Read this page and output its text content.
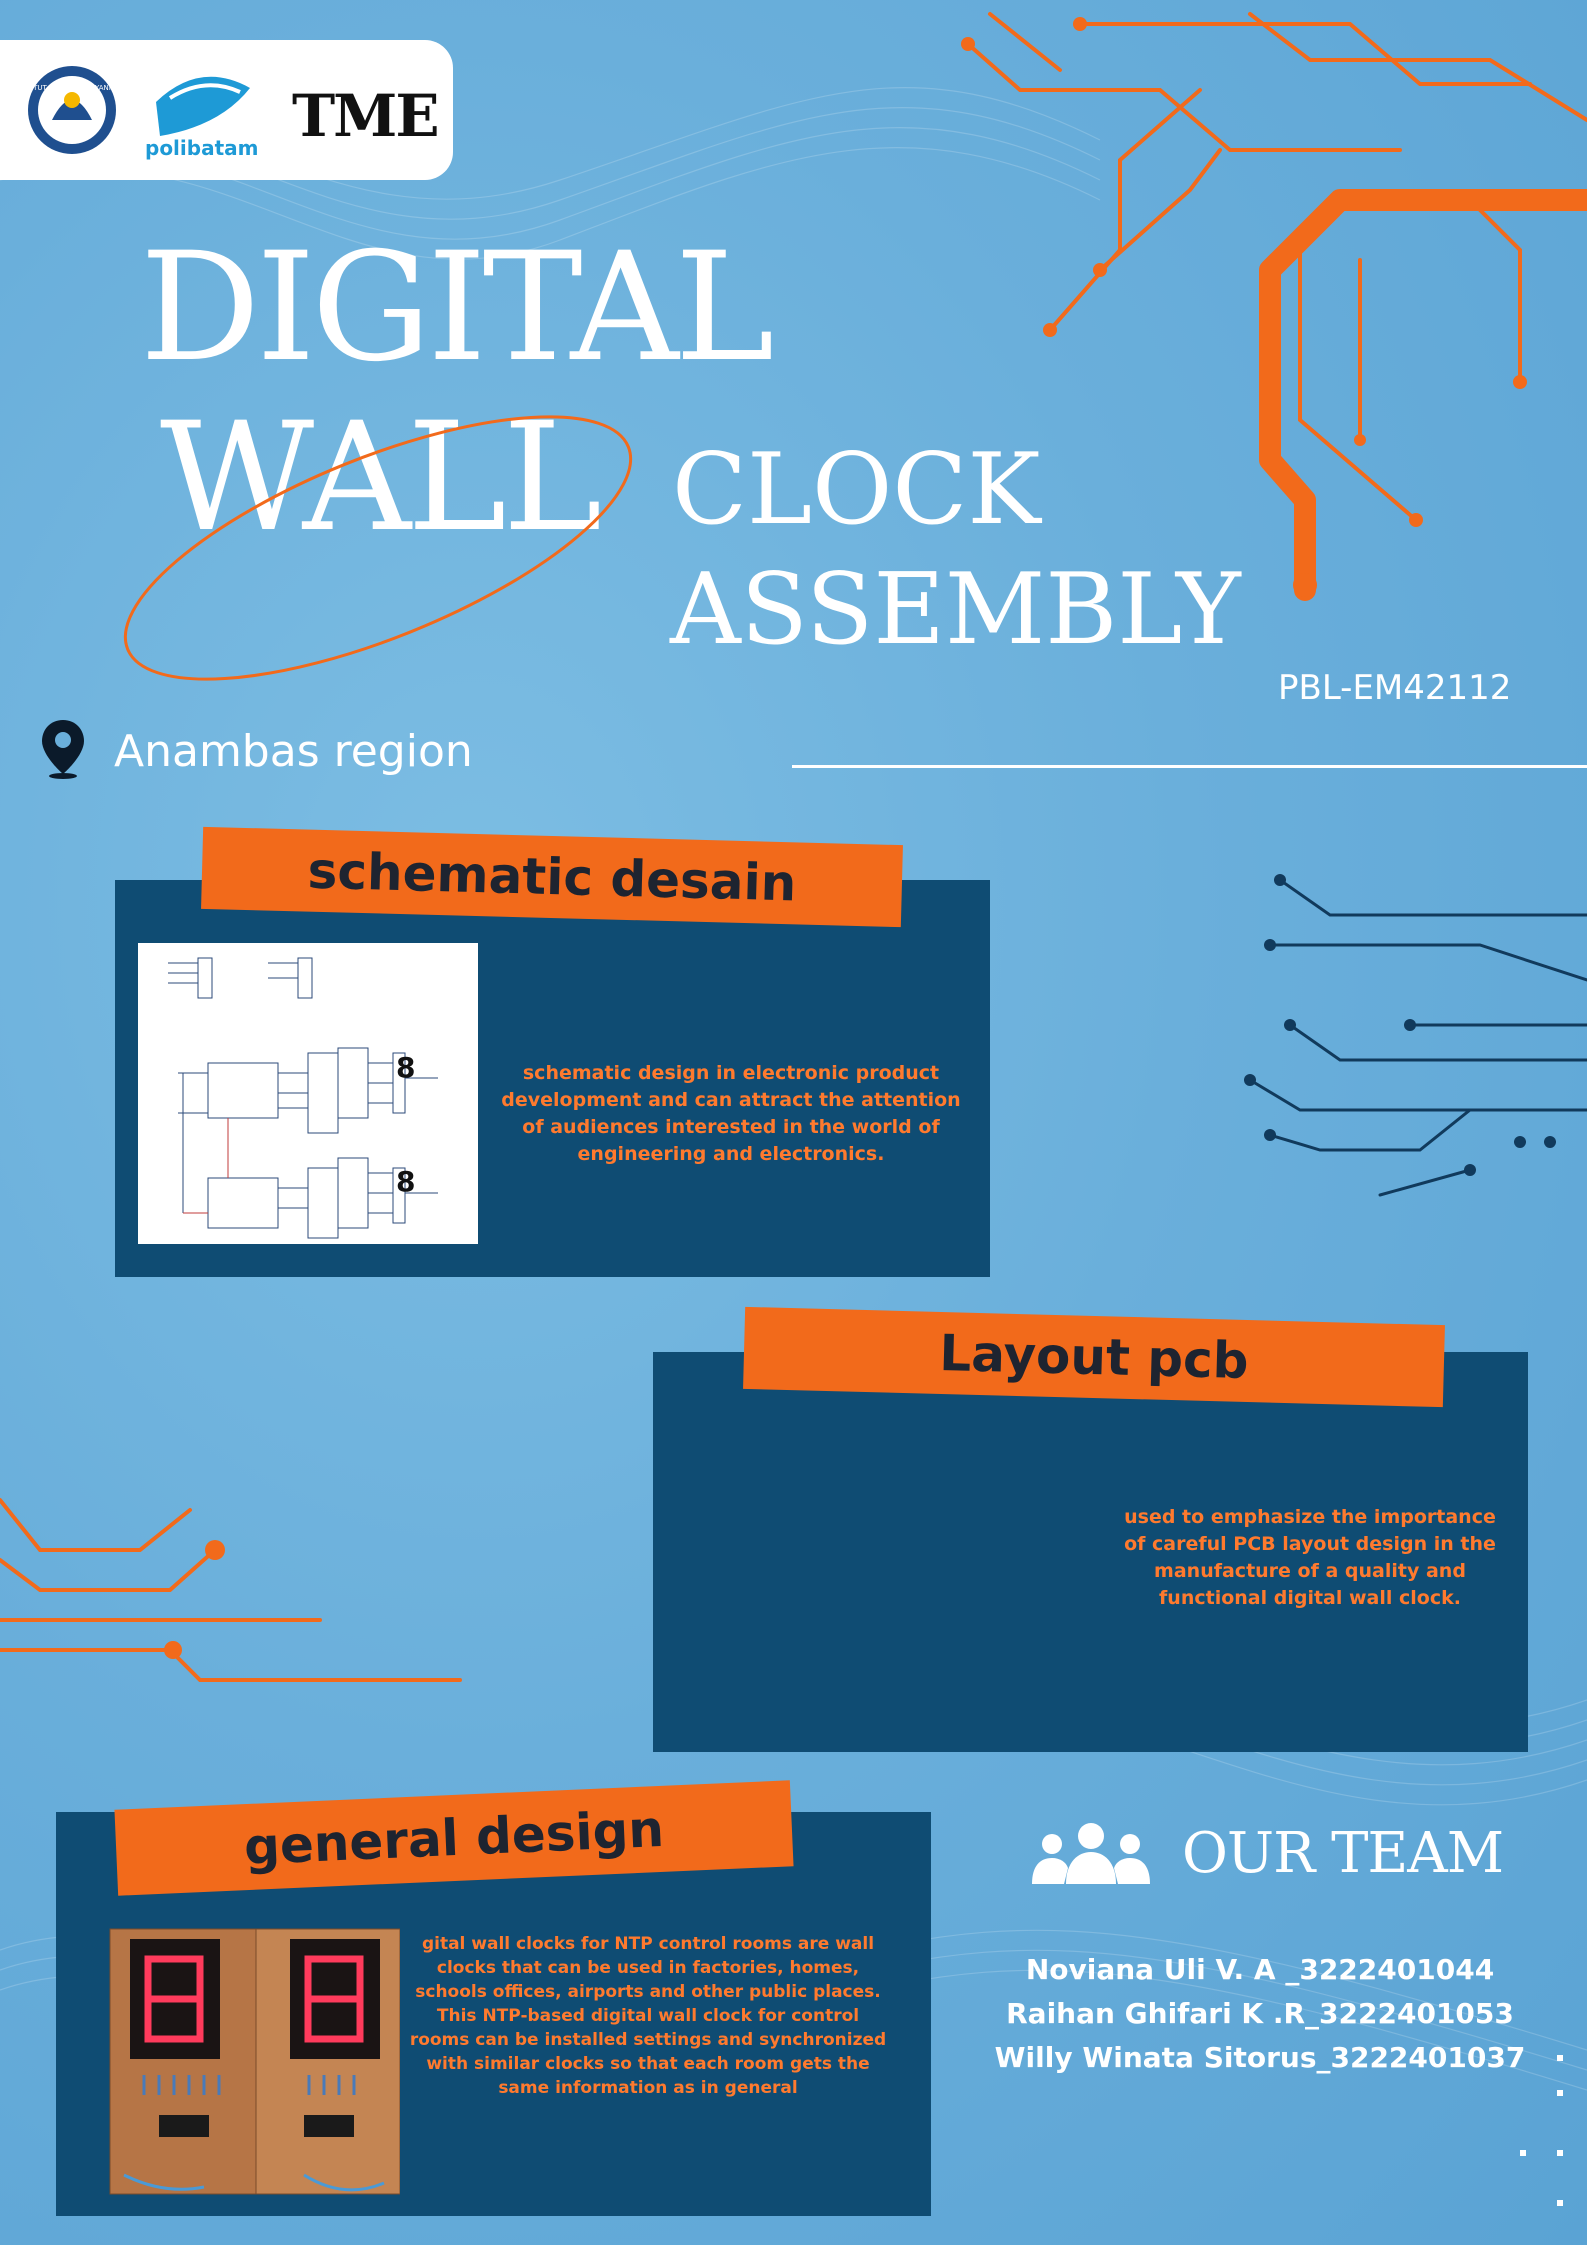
polibatam TME
TUT WURI HANDAYANI
DIGITAL
WALL CLOCK
ASSEMBLY
PBL-EM42112
Anambas region
schematic desain
8
8
schematic design in electronic product development and can attract the attention of audiences interested in the world of engineering and electronics.
Layout pcb
used to emphasize the importance of careful PCB layout design in the manufacture of a quality and functional digital wall clock.
general design
gital wall clocks for NTP control rooms are wall clocks that can be used in factories, homes, schools offices, airports and other public places. This NTP-based digital wall clock for control rooms can be installed settings and synchronized with similar clocks so that each room gets the same information as in general
OUR TEAM
Noviana Uli V. A _3222401044
Raihan Ghifari K .R_3222401053
Willy Winata Sitorus_3222401037
